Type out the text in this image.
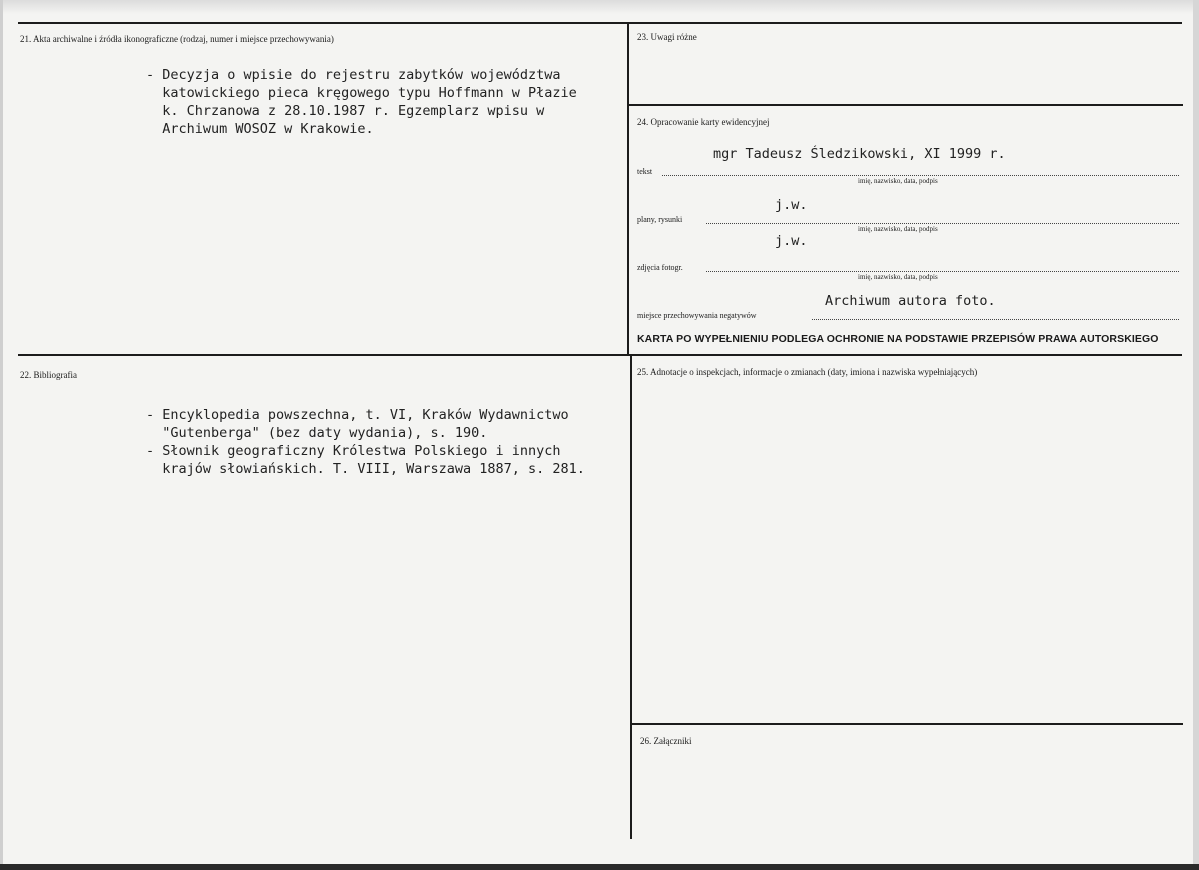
21. Akta archiwalne i źródła ikonograficzne (rodzaj, numer i miejsce przechowywania)
- Decyzja o wpisie do rejestru zabytków województwa
katowickiego pieca kręgowego typu Hoffmann w Płazie
k. Chrzanowa z 28.10.1987 r. Egzemplarz wpisu w
Archiwum WOSOZ w Krakowie.
22. Bibliografia
- Encyklopedia powszechna, t. VI, Kraków Wydawnictwo
"Gutenberga" (bez daty wydania), s. 190.
- Słownik geograficzny Królestwa Polskiego i innych
krajów słowiańskich. T. VIII, Warszawa 1887, s. 281.
23. Uwagi różne
24. Opracowanie karty ewidencyjnej
mgr Tadeusz Śledzikowski, XI 1999 r.
tekst
imię, nazwisko, data, podpis
j.w.
plany, rysunki
imię, nazwisko, data, podpis
j.w.
zdjęcia fotogr.
imię, nazwisko, data, podpis
Archiwum autora foto.
miejsce przechowywania negatywów
KARTA PO WYPEŁNIENIU PODLEGA OCHRONIE NA PODSTAWIE PRZEPISÓW PRAWA AUTORSKIEGO
25. Adnotacje o inspekcjach, informacje o zmianach (daty, imiona i nazwiska wypełniających)
26. Załączniki
